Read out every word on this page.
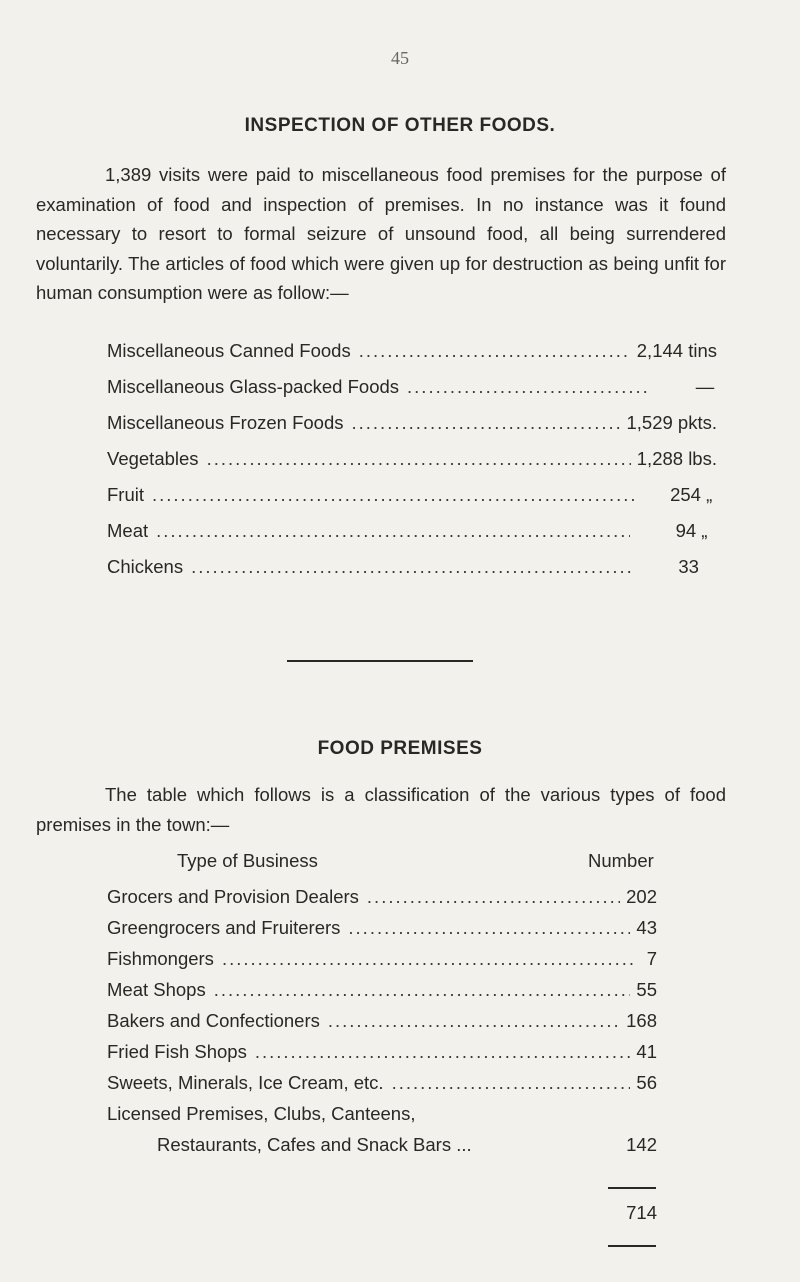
45
INSPECTION OF OTHER FOODS.

1,389 visits were paid to miscellaneous food premises for the purpose of examination of food and inspection of premises. In no instance was it found necessary to resort to formal seizure of unsound food, all being surrendered voluntarily. The articles of food which were given up for destruction as being unfit for human consumption were as follow:—

Miscellaneous Canned Foods .....	2,144 tins
Miscellaneous Glass-packed Foods .....	—
Miscellaneous Frozen Foods .....	1,529 pkts.
Vegetables .....	1,288 lbs.
Fruit .....	254 „
Meat .....	94 „
Chickens .....	33
FOOD PREMISES

The table which follows is a classification of the various types of food premises in the town:—

Type of Business	Number
Grocers and Provision Dealers .....	202
Greengrocers and Fruiterers .....	43
Fishmongers .....	7
Meat Shops .....	55
Bakers and Confectioners .....	168
Fried Fish Shops .....	41
Sweets, Minerals, Ice Cream, etc. .....	56
Licensed Premises, Clubs, Canteens,
Restaurants, Cafes and Snack Bars ...	142
714
